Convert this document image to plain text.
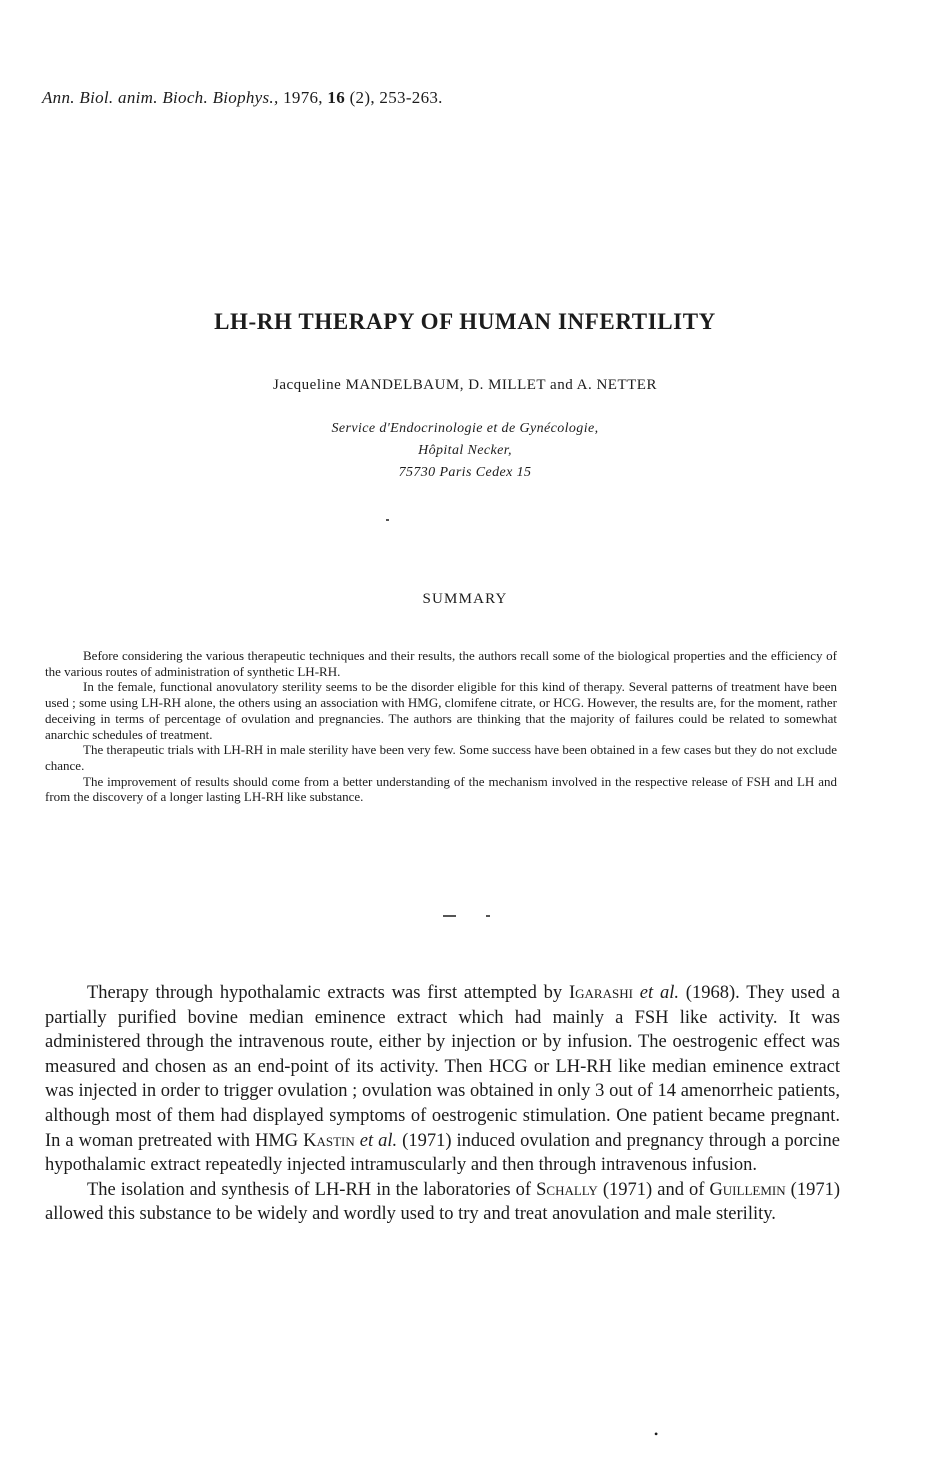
Ann. Biol. anim. Bioch. Biophys., 1976, 16 (2), 253-263.
LH-RH THERAPY OF HUMAN INFERTILITY
Jacqueline MANDELBAUM, D. MILLET and A. NETTER
Service d'Endocrinologie et de Gynécologie,
Hôpital Necker,
75730 Paris Cedex 15
SUMMARY

Before considering the various therapeutic techniques and their results, the authors recall some of the biological properties and the efficiency of the various routes of administration of synthetic LH-RH.

In the female, functional anovulatory sterility seems to be the disorder eligible for this kind of therapy. Several patterns of treatment have been used ; some using LH-RH alone, the others using an association with HMG, clomifene citrate, or HCG. However, the results are, for the moment, rather deceiving in terms of percentage of ovulation and pregnancies. The authors are thinking that the majority of failures could be related to somewhat anarchic schedules of treatment.

The therapeutic trials with LH-RH in male sterility have been very few. Some success have been obtained in a few cases but they do not exclude chance.

The improvement of results should come from a better understanding of the mechanism involved in the respective release of FSH and LH and from the discovery of a longer lasting LH-RH like substance.

Therapy through hypothalamic extracts was first attempted by Igarashi et al. (1968). They used a partially purified bovine median eminence extract which had mainly a FSH like activity. It was administered through the intravenous route, either by injection or by infusion. The oestrogenic effect was measured and chosen as an end-point of its activity. Then HCG or LH-RH like median eminence extract was injected in order to trigger ovulation ; ovulation was obtained in only 3 out of 14 amenorrheic patients, although most of them had displayed symptoms of oestrogenic stimulation. One patient became pregnant. In a woman pretreated with HMG Kastin et al. (1971) induced ovulation and pregnancy through a porcine hypothalamic extract repeatedly injected intramuscularly and then through intravenous infusion.

The isolation and synthesis of LH-RH in the laboratories of Schally (1971) and of Guillemin (1971) allowed this substance to be widely and wordly used to try and treat anovulation and male sterility.

•
